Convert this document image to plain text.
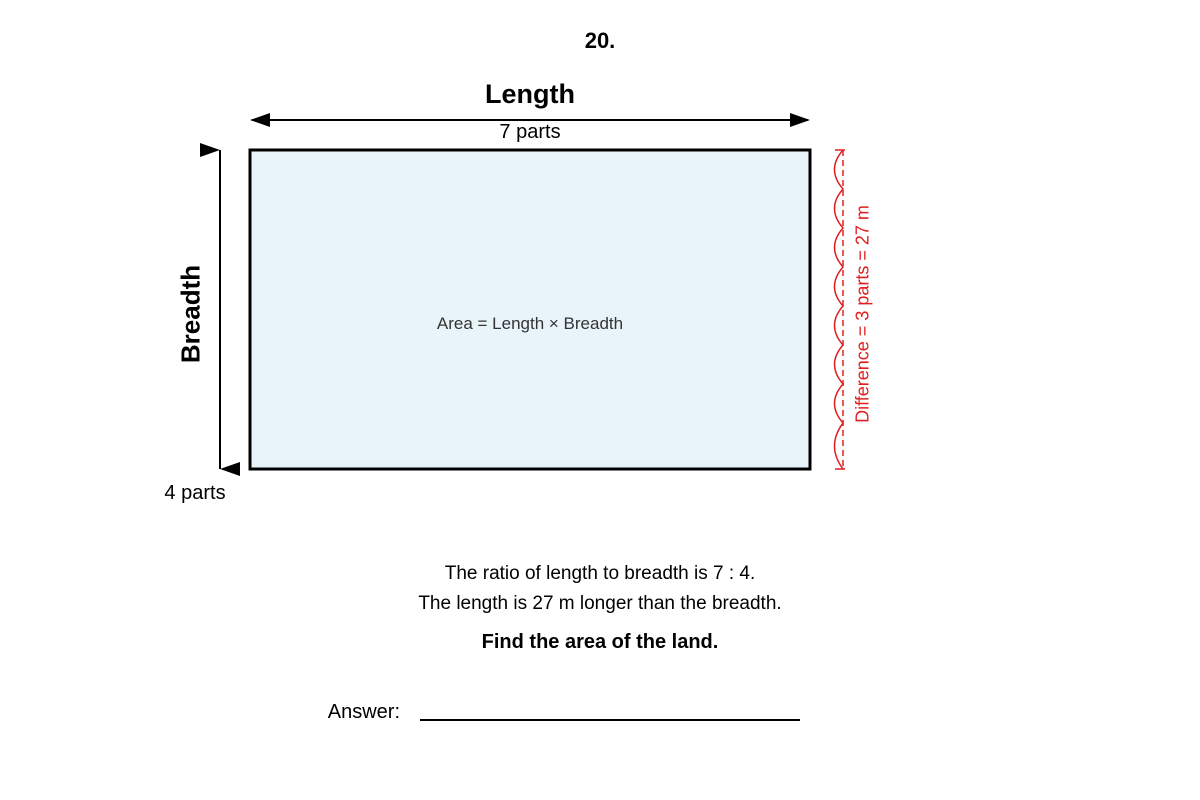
20.
Length
7 parts
Breadth
4 parts
Area = Length × Breadth	Difference = 3 parts = 27 m
The ratio of length to breadth is 7 : 4.
The length is 27 m longer than the breadth.
Find the area of the land.
Answer:
